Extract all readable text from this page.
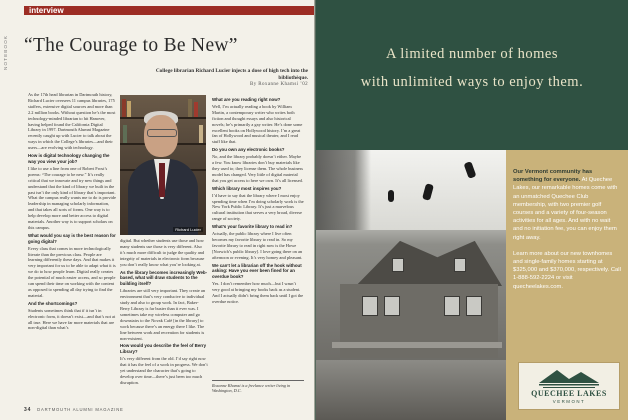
NOTEBOOK
interview
“The Courage to Be New”
College librarian Richard Lucier injects a dose of high tech into the bibliothèque.
By Roxanne Khamsi ’02

As the 17th head librarian in Dartmouth history, Richard Lucier oversees 11 campus libraries, 175 staffers, extensive digital sources and more than 2.2 million books. Without question he’s the most technology-minded librarian to hit Hanover, having helped found the California Digital Library in 1997. Dartmouth Alumni Magazine recently caught up with Lucier to talk about the ways in which the College’s libraries—and their users—are evolving with technology.

How is digital technology changing the way you view your job?

I like to use a line from one of Robert Frost’s poems: “The courage to be new.” It’s really critical that we innovate and try new things and understand that the kind of library we built in the past isn’t the only kind of library that’s important. What the campus really wants me to do is provide leadership in managing scholarly information, and that takes all sorts of forms. One way is to help develop more and better access to digital materials. Another way is to support scholars on this campus.

What would you say is the best reason for going digital?

Every class that comes in more technologically literate than the previous class. People are learning differently these days. And that makes it very important for us to be able to adapt what it is we do to how people learn. Digital really creates the potential of much easier access, and so people can spend their time on working with the content as opposed to spending all day trying to find the material.

And the shortcomings?

Students sometimes think that if it isn’t in electronic form, it doesn’t exist—and that’s not at all true. Here we have far more materials that are non-digital than what’s

Richard Lucier

digital. But whether students use those and how many students use those is very different. Also it’s much more difficult to judge the quality and integrity of materials in electronic form because you don’t really know what you’re looking at.

As the library becomes increasingly Web-based, what will draw students to the building itself?

Libraries are still very important. They create an environment that’s very conducive to individual study and also to group work. In fact, Baker-Berry Library is far busier than it ever was. I sometimes take my wireless computer and go downstairs to the Novak Café [in the library] to work because there’s an energy there I like. The line between work and recreation for students is non-existent.

How would you describe the feel of Berry Library?

It’s very different from the old. I’d say right now that it has the feel of a work in progress. We don’t yet understand the character that’s going to develop over time—there’s just been too much disruption.

What are you reading right now?

Well, I’m actually reading a book by William Martin, a contemporary writer who writes both fiction and thought essays and also historical novels; he’s primarily a gay writer. He’s done some excellent books on Hollywood history. I’m a great fan of Hollywood and musical theater, and I read stuff like that.

Do you own any electronic books?

No, and the library probably doesn’t either. Maybe a few. You know libraries don’t buy materials like they used to; they license them. The whole business model has changed. Very little of digital material that you get access to here we own. It’s all licensed.

Which library most inspires you?

I’d have to say that the library where I most enjoy spending time when I’m doing scholarly work is the New York Public Library. It’s just a marvelous cultural institution that serves a very broad, diverse range of society.

What’s your favorite library to read in?

Actually, the public library where I live often becomes my favorite library to read in. So my favorite library to read in right now is the Howe [Norwich’s public library]. I love going there on an afternoon or evening. It’s very homey and pleasant.

We can’t let a librarian off the hook without asking: Have you ever been fined for an overdue book?

Yes. I don’t remember how much—but I wasn’t very good at bringing my books back as a student. And I actually didn’t bring them back until I got the overdue notice.

Roxanne Khamsi is a freelance writer living in Washington, D.C.
34 DARTMOUTH ALUMNI MAGAZINE
A limited number of homes
with unlimited ways to enjoy them.

Our Vermont community has something for everyone. At Quechee Lakes, our remarkable homes come with an unmatched Quechee Club membership, with two premier golf courses and a variety of four-season activities for all ages. And with no wait and no initiation fee, you can enjoy them right away.

Learn more about our new townhomes and single-family homes starting at $325,000 and $370,000, respectively. Call 1-888-592-2224 or visit quecheelakes.com.

QUECHEE LAKES
VERMONT
